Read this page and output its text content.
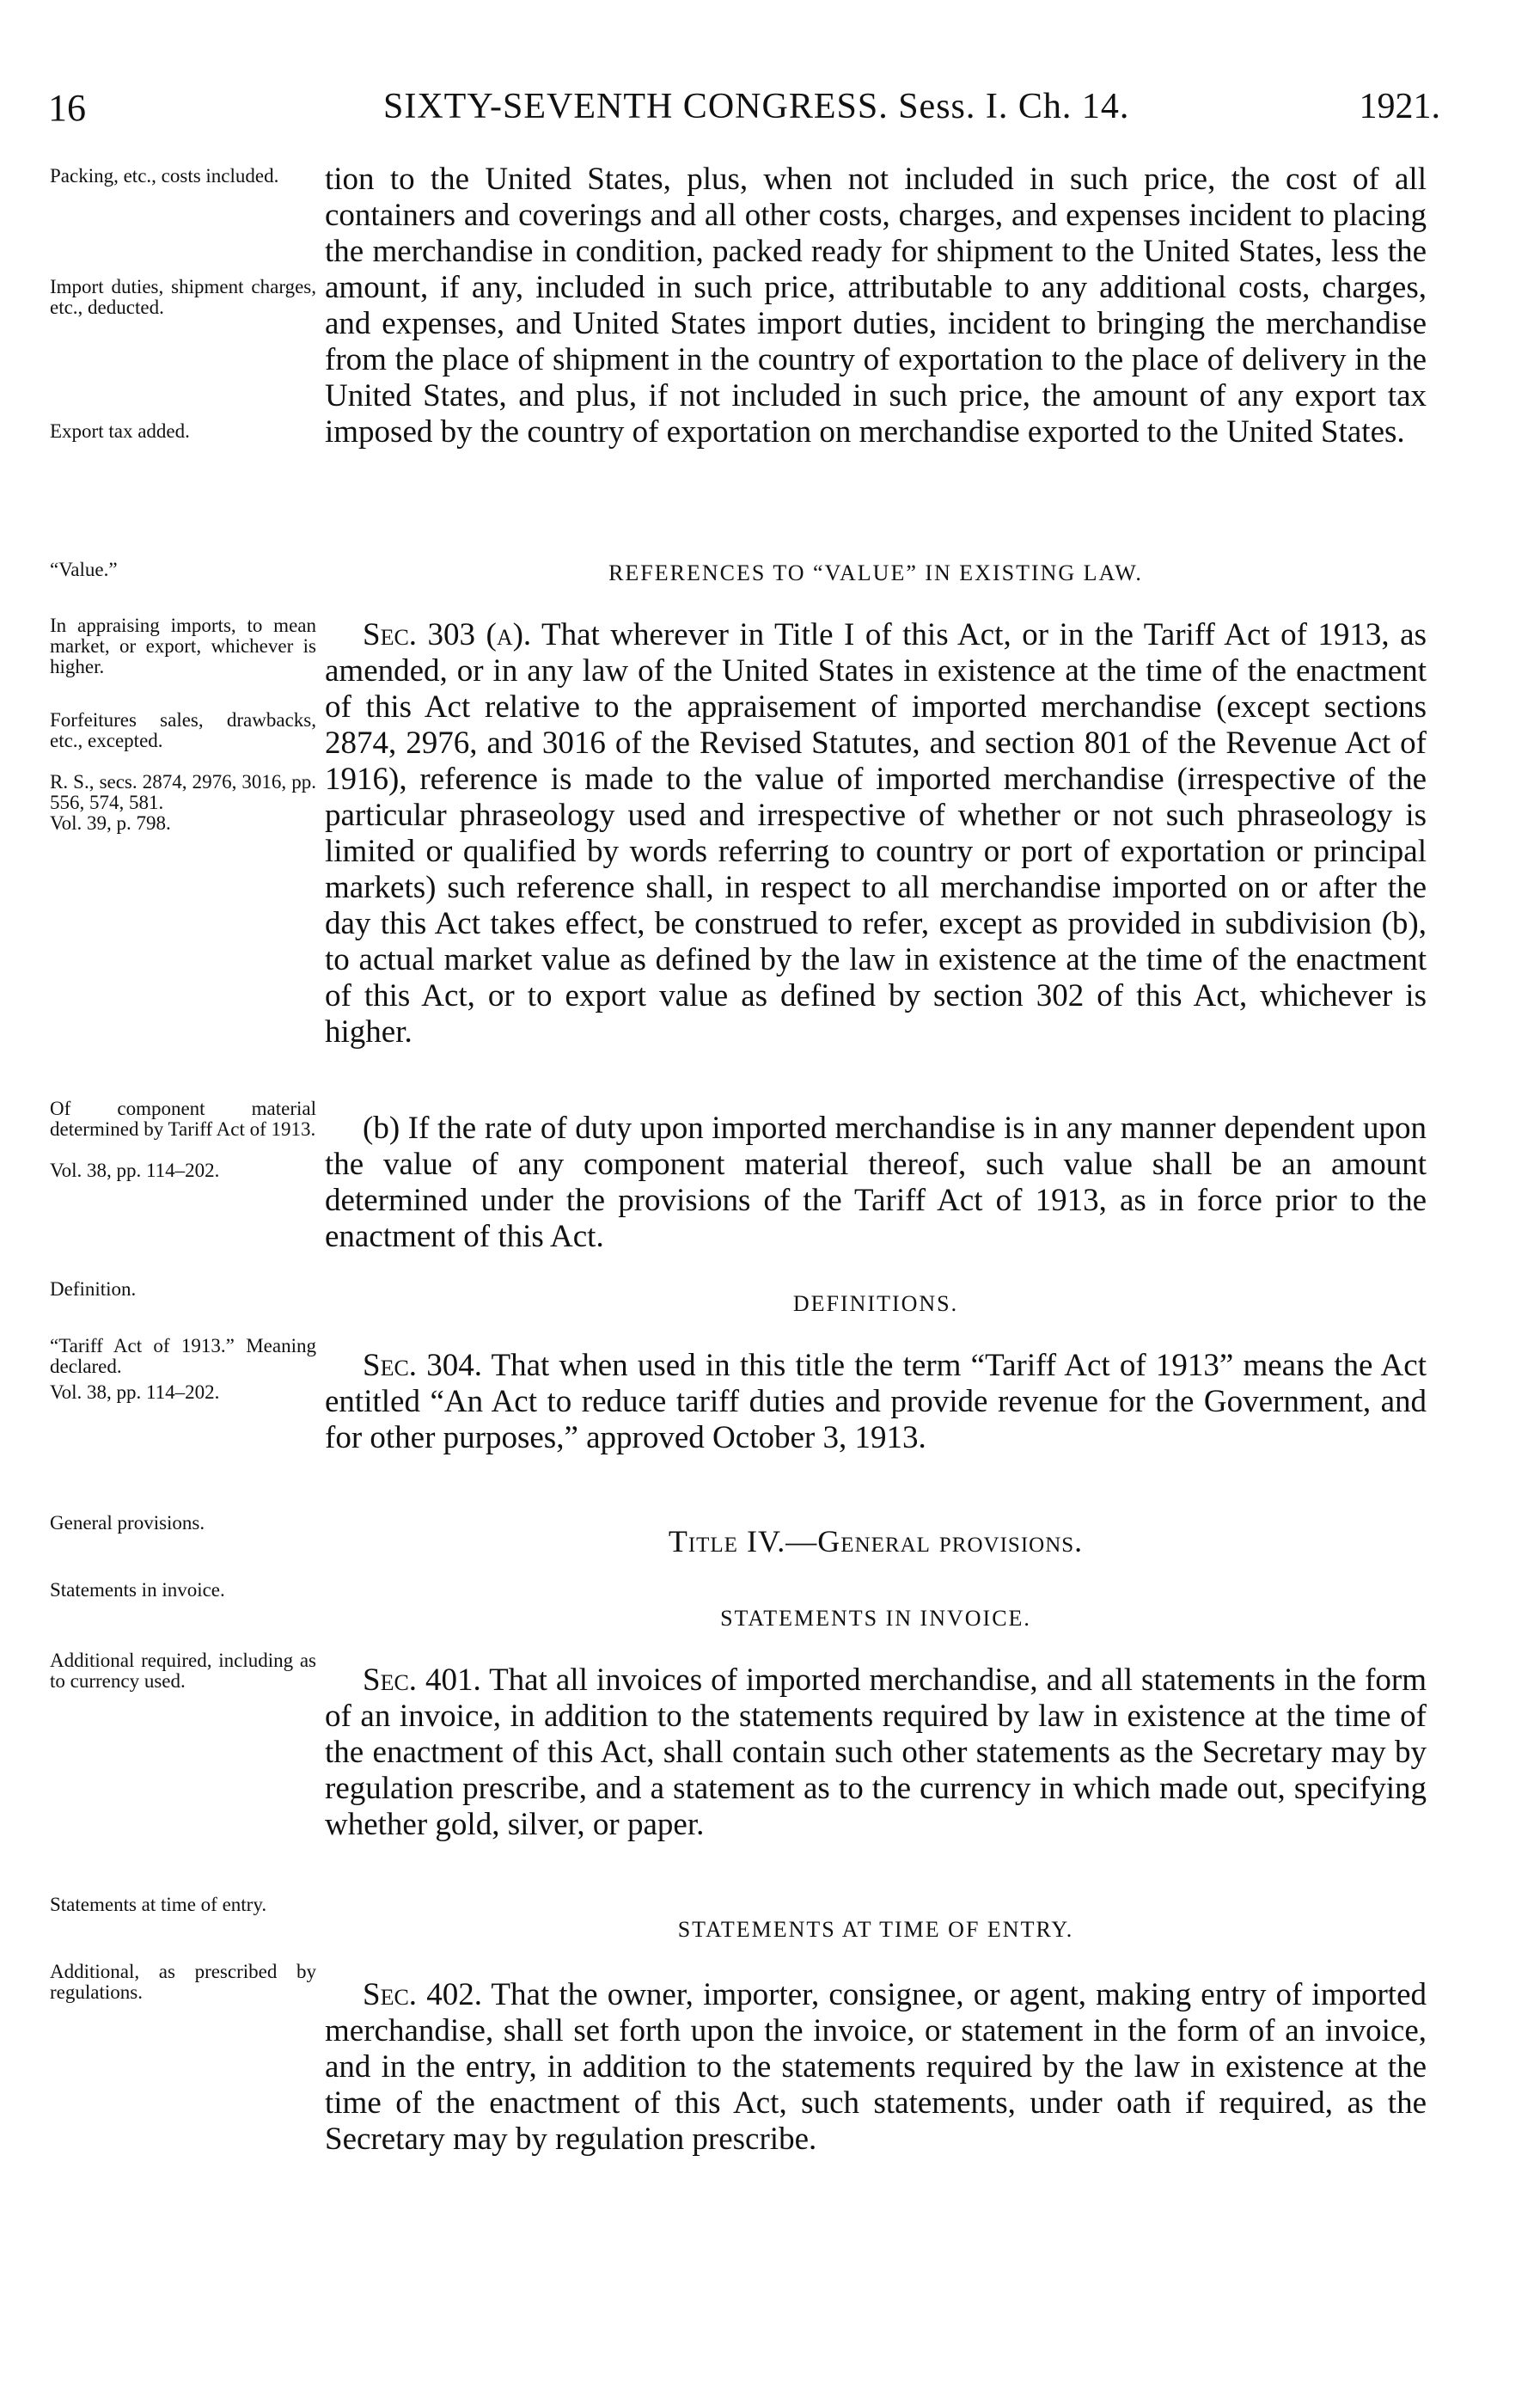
16	SIXTY-SEVENTH CONGRESS. Sess. I. Ch. 14.	1921.
Packing, etc., costs included.
Import duties, shipment charges, etc., deducted.
Export tax added.
“Value.”
In appraising imports, to mean market, or export, whichever is higher.
Forfeitures sales, drawbacks, etc., excepted.
R. S., secs. 2874, 2976, 3016, pp. 556, 574, 581.
Vol. 39, p. 798.
Of component material determined by Tariff Act of 1913.
Vol. 38, pp. 114–202.
Definition.
“Tariff Act of 1913.” Meaning declared.
Vol. 38, pp. 114–202.
General provisions.
Statements in invoice.
Additional required, including as to currency used.
Statements at time of entry.
Additional, as prescribed by regulations.

tion to the United States, plus, when not included in such price, the cost of all containers and coverings and all other costs, charges, and expenses incident to placing the merchandise in condition, packed ready for shipment to the United States, less the amount, if any, included in such price, attributable to any additional costs, charges, and expenses, and United States import duties, incident to bringing the merchandise from the place of shipment in the country of exportation to the place of delivery in the United States, and plus, if not included in such price, the amount of any export tax imposed by the country of exportation on merchandise exported to the United States.

REFERENCES TO “VALUE” IN EXISTING LAW.

Sec. 303 (a). That wherever in Title I of this Act, or in the Tariff Act of 1913, as amended, or in any law of the United States in existence at the time of the enactment of this Act relative to the appraisement of imported merchandise (except sections 2874, 2976, and 3016 of the Revised Statutes, and section 801 of the Revenue Act of 1916), reference is made to the value of imported merchandise (irrespective of the particular phraseology used and irrespective of whether or not such phraseology is limited or qualified by words referring to country or port of exportation or principal markets) such reference shall, in respect to all merchandise imported on or after the day this Act takes effect, be construed to refer, except as provided in subdivision (b), to actual market value as defined by the law in existence at the time of the enactment of this Act, or to export value as defined by section 302 of this Act, whichever is higher.

(b) If the rate of duty upon imported merchandise is in any manner dependent upon the value of any component material thereof, such value shall be an amount determined under the provisions of the Tariff Act of 1913, as in force prior to the enactment of this Act.

DEFINITIONS.

Sec. 304. That when used in this title the term “Tariff Act of 1913” means the Act entitled “An Act to reduce tariff duties and provide revenue for the Government, and for other purposes,” approved October 3, 1913.

Title IV.—General provisions.
STATEMENTS IN INVOICE.

Sec. 401. That all invoices of imported merchandise, and all statements in the form of an invoice, in addition to the statements required by law in existence at the time of the enactment of this Act, shall contain such other statements as the Secretary may by regulation prescribe, and a statement as to the currency in which made out, specifying whether gold, silver, or paper.

STATEMENTS AT TIME OF ENTRY.

Sec. 402. That the owner, importer, consignee, or agent, making entry of imported merchandise, shall set forth upon the invoice, or statement in the form of an invoice, and in the entry, in addition to the statements required by the law in existence at the time of the enactment of this Act, such statements, under oath if required, as the Secretary may by regulation prescribe.
